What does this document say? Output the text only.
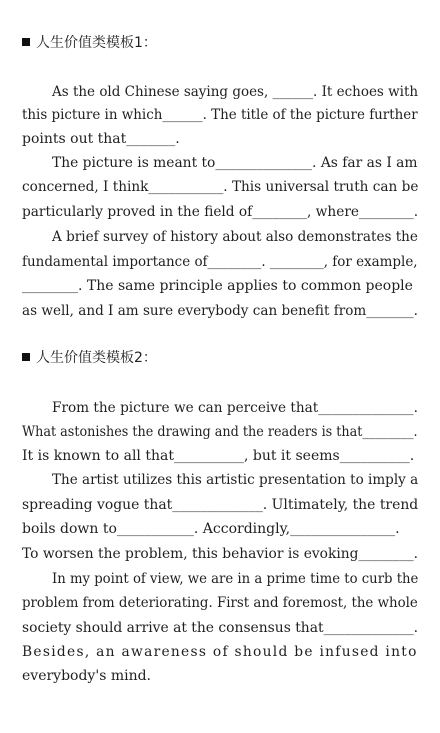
人生价值类模板1：
As the old Chinese saying goes, ______. It echoes with
this picture in which______. The title of the picture further
points out that_______.
The picture is meant to______________. As far as I am
concerned, I think___________. This universal truth can be
particularly proved in the field of________, where________.
A brief survey of history about also demonstrates the
fundamental importance of________. ________, for example,
________. The same principle applies to common people
as well, and I am sure everybody can benefit from_______.
人生价值类模板2：
From the picture we can perceive that______________.
What astonishes the drawing and the readers is that________.
It is known to all that__________, but it seems__________.
The artist utilizes this artistic presentation to imply a
spreading vogue that_____________. Ultimately, the trend
boils down to___________. Accordingly,_______________.
To worsen the problem, this behavior is evoking________.
In my point of view, we are in a prime time to curb the
problem from deteriorating. First and foremost, the whole
society should arrive at the consensus that_____________.
Besides, an awareness of should be infused into
everybody's mind.
